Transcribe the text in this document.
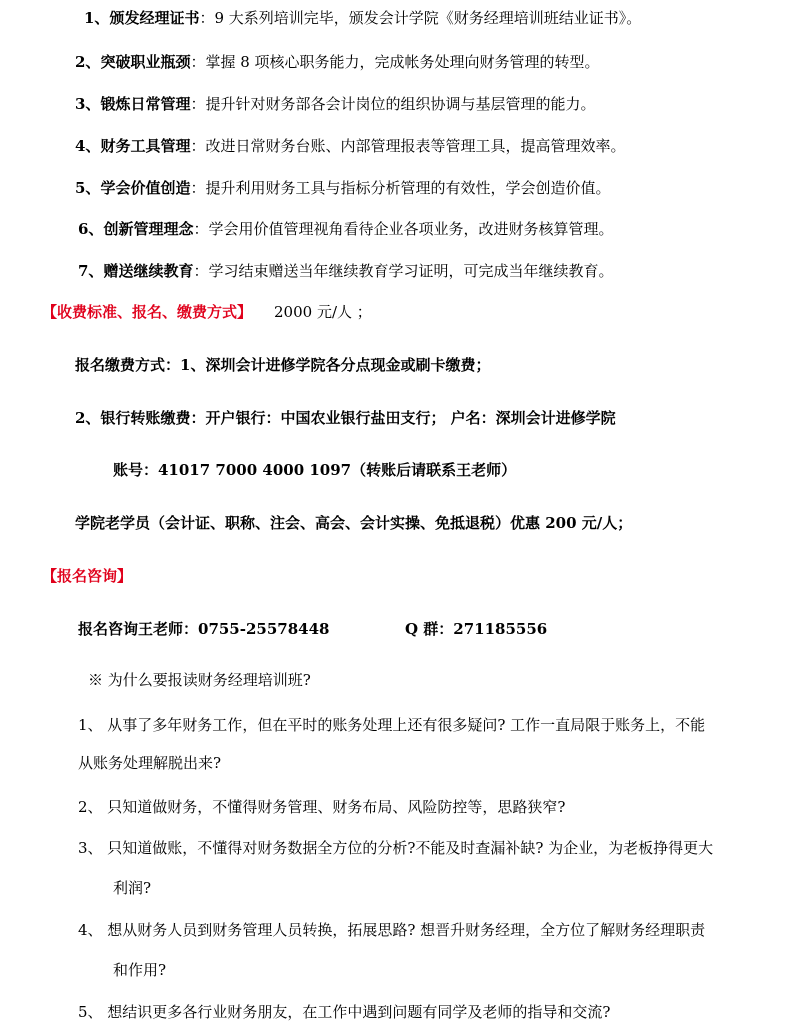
1、颁发经理证书：9 大系列培训完毕，颁发会计学院《财务经理培训班结业证书》。
2、突破职业瓶颈：掌握 8 项核心职务能力，完成帐务处理向财务管理的转型。
3、锻炼日常管理：提升针对财务部各会计岗位的组织协调与基层管理的能力。
4、财务工具管理：改进日常财务台账、内部管理报表等管理工具，提高管理效率。
5、学会价值创造：提升利用财务工具与指标分析管理的有效性，学会创造价值。
6、创新管理理念：学会用价值管理视角看待企业各项业务，改进财务核算管理。
7、赠送继续教育：学习结束赠送当年继续教育学习证明，可完成当年继续教育。
【收费标准、报名、缴费方式】 2000 元/人 ；
报名缴费方式：1、深圳会计进修学院各分点现金或刷卡缴费；
2、银行转账缴费：开户银行：中国农业银行盐田支行； 户名：深圳会计进修学院
账号：41017 7000 4000 1097（转账后请联系王老师）
学院老学员（会计证、职称、注会、高会、会计实操、免抵退税）优惠 200 元/人；
【报名咨询】
报名咨询王老师：0755-25578448	Q 群：271185556
※ 为什么要报读财务经理培训班?
1、 从事了多年财务工作，但在平时的账务处理上还有很多疑问? 工作一直局限于账务上，不能
从账务处理解脱出来?
2、 只知道做财务，不懂得财务管理、财务布局、风险防控等，思路狭窄?
3、 只知道做账，不懂得对财务数据全方位的分析?不能及时查漏补缺? 为企业，为老板挣得更大
利润?
4、 想从财务人员到财务管理人员转换，拓展思路? 想晋升财务经理，全方位了解财务经理职责
和作用?
5、 想结识更多各行业财务朋友，在工作中遇到问题有同学及老师的指导和交流?
